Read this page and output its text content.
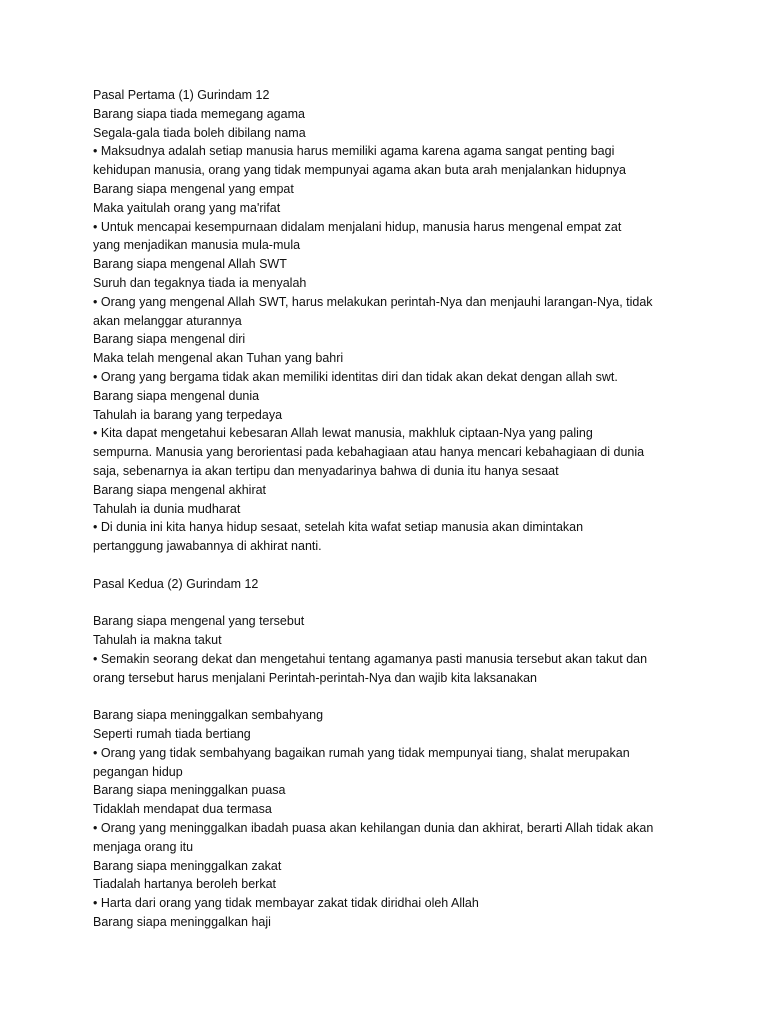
Pasal Pertama (1) Gurindam 12
Barang siapa tiada memegang agama
Segala-gala tiada boleh dibilang nama
• Maksudnya adalah setiap manusia harus memiliki agama karena agama sangat penting bagi
kehidupan manusia, orang yang tidak mempunyai agama akan buta arah menjalankan hidupnya
Barang siapa mengenal yang empat
Maka yaitulah orang yang ma'rifat
• Untuk mencapai kesempurnaan didalam menjalani hidup, manusia harus mengenal empat zat
yang menjadikan manusia mula-mula
Barang siapa mengenal Allah SWT
Suruh dan tegaknya tiada ia menyalah
• Orang yang mengenal Allah SWT, harus melakukan perintah-Nya dan menjauhi larangan-Nya, tidak
akan melanggar aturannya
Barang siapa mengenal diri
Maka telah mengenal akan Tuhan yang bahri
• Orang yang bergama tidak akan memiliki identitas diri dan tidak akan dekat dengan allah swt.
Barang siapa mengenal dunia
Tahulah ia barang yang terpedaya
• Kita dapat mengetahui kebesaran Allah lewat manusia, makhluk ciptaan-Nya yang paling
sempurna. Manusia yang berorientasi pada kebahagiaan atau hanya mencari kebahagiaan di dunia
saja, sebenarnya ia akan tertipu dan menyadarinya bahwa di dunia itu hanya sesaat
Barang siapa mengenal akhirat
Tahulah ia dunia mudharat
• Di dunia ini kita hanya hidup sesaat, setelah kita wafat setiap manusia akan dimintakan
pertanggung jawabannya di akhirat nanti.
Pasal Kedua (2) Gurindam 12
Barang siapa mengenal yang tersebut
Tahulah ia makna takut
• Semakin seorang dekat dan mengetahui tentang agamanya pasti manusia tersebut akan takut dan
orang tersebut harus menjalani Perintah-perintah-Nya dan wajib kita laksanakan
Barang siapa meninggalkan sembahyang
Seperti rumah tiada bertiang
• Orang yang tidak sembahyang bagaikan rumah yang tidak mempunyai tiang, shalat merupakan
pegangan hidup
Barang siapa meninggalkan puasa
Tidaklah mendapat dua termasa
• Orang yang meninggalkan ibadah puasa akan kehilangan dunia dan akhirat, berarti Allah tidak akan
menjaga orang itu
Barang siapa meninggalkan zakat
Tiadalah hartanya beroleh berkat
• Harta dari orang yang tidak membayar zakat tidak diridhai oleh Allah
Barang siapa meninggalkan haji
